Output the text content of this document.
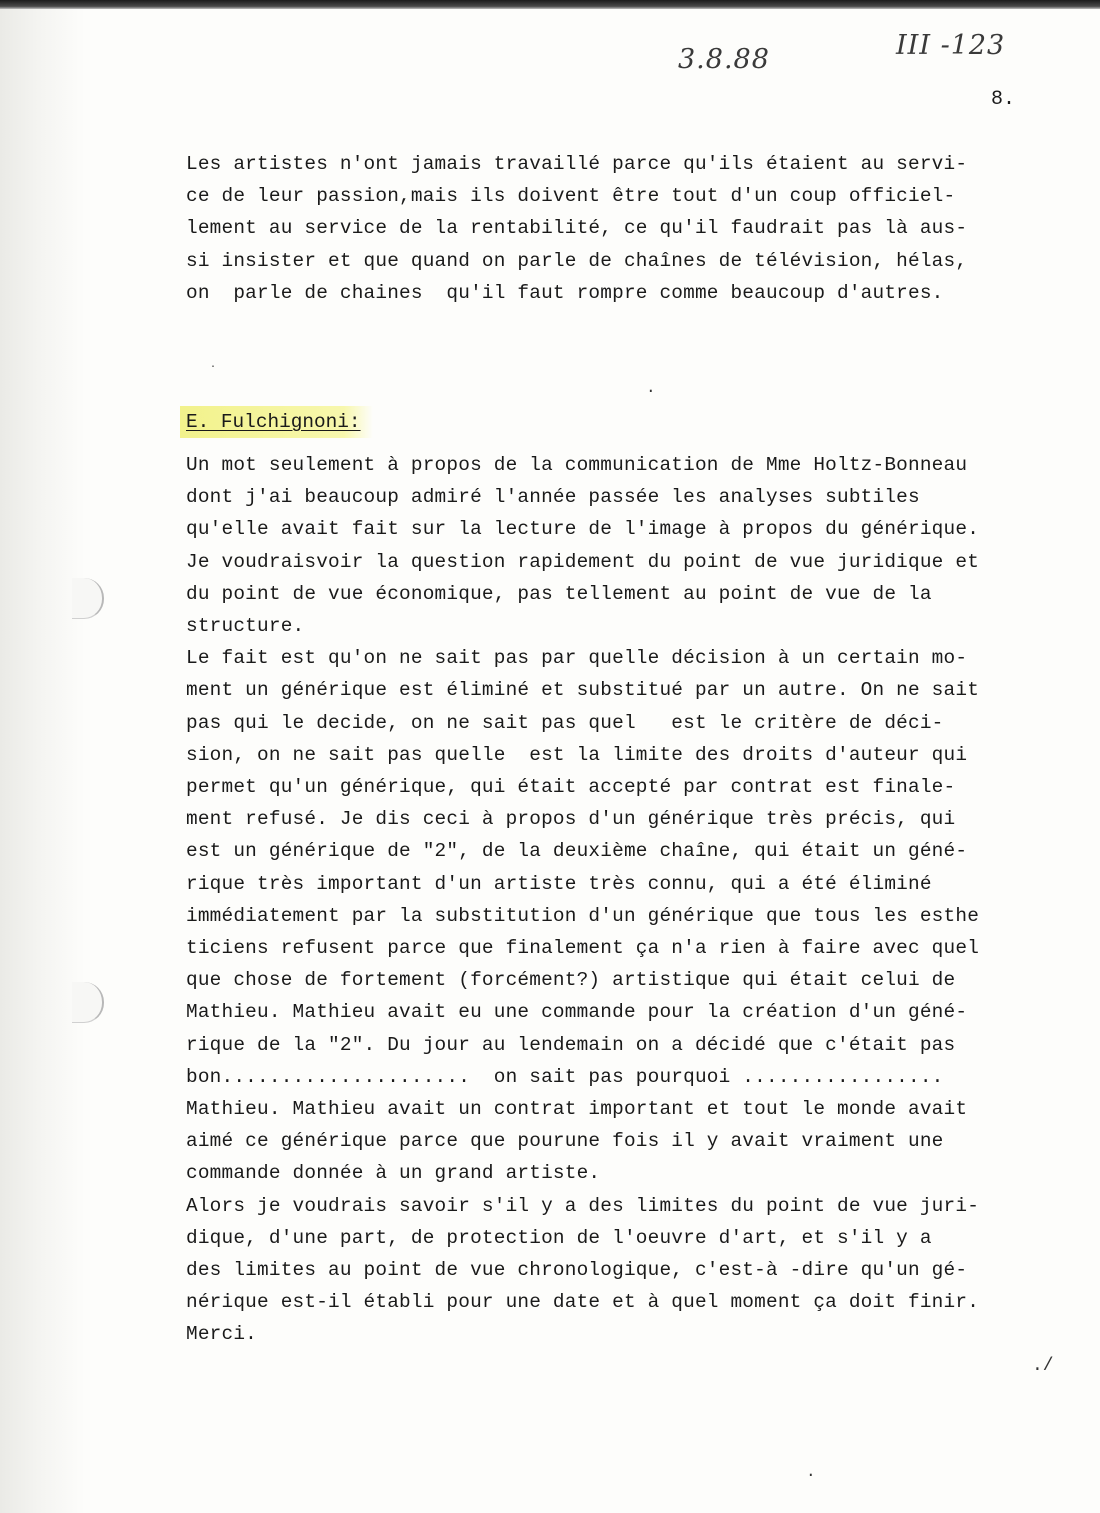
3.8.88	III -123
8.

Les artistes n'ont jamais travaillé parce qu'ils étaient au servi-

ce de leur passion,mais ils doivent être tout d'un coup officiel-

lement au service de la rentabilité, ce qu'il faudrait pas là aus-

si insister et que quand on parle de chaînes de télévision, hélas,

on  parle de chaines  qu'il faut rompre comme beaucoup d'autres.

·
·
E. Fulchignoni:

Un mot seulement à propos de la communication de Mme Holtz-Bonneau

dont j'ai beaucoup admiré l'année passée les analyses subtiles

qu'elle avait fait sur la lecture de l'image à propos du générique.

Je voudraisvoir la question rapidement du point de vue juridique et

du point de vue économique, pas tellement au point de vue de la

structure.

Le fait est qu'on ne sait pas par quelle décision à un certain mo-

ment un générique est éliminé et substitué par un autre. On ne sait

pas qui le decide, on ne sait pas quel   est le critère de déci-

sion, on ne sait pas quelle  est la limite des droits d'auteur qui

permet qu'un générique, qui était accepté par contrat est finale-

ment refusé. Je dis ceci à propos d'un générique très précis, qui

est un générique de "2", de la deuxième chaîne, qui était un géné-

rique très important d'un artiste très connu, qui a été éliminé

immédiatement par la substitution d'un générique que tous les esthe

ticiens refusent parce que finalement ça n'a rien à faire avec quel

que chose de fortement (forcément?) artistique qui était celui de

Mathieu. Mathieu avait eu une commande pour la création d'un géné-

rique de la "2". Du jour au lendemain on a décidé que c'était pas

bon.....................  on sait pas pourquoi .................

Mathieu. Mathieu avait un contrat important et tout le monde avait

aimé ce générique parce que pourune fois il y avait vraiment une

commande donnée à un grand artiste.

Alors je voudrais savoir s'il y a des limites du point de vue juri-

dique, d'une part, de protection de l'oeuvre d'art, et s'il y a

des limites au point de vue chronologique, c'est-à -dire qu'un gé-

nérique est-il établi pour une date et à quel moment ça doit finir.

Merci.

./
·
